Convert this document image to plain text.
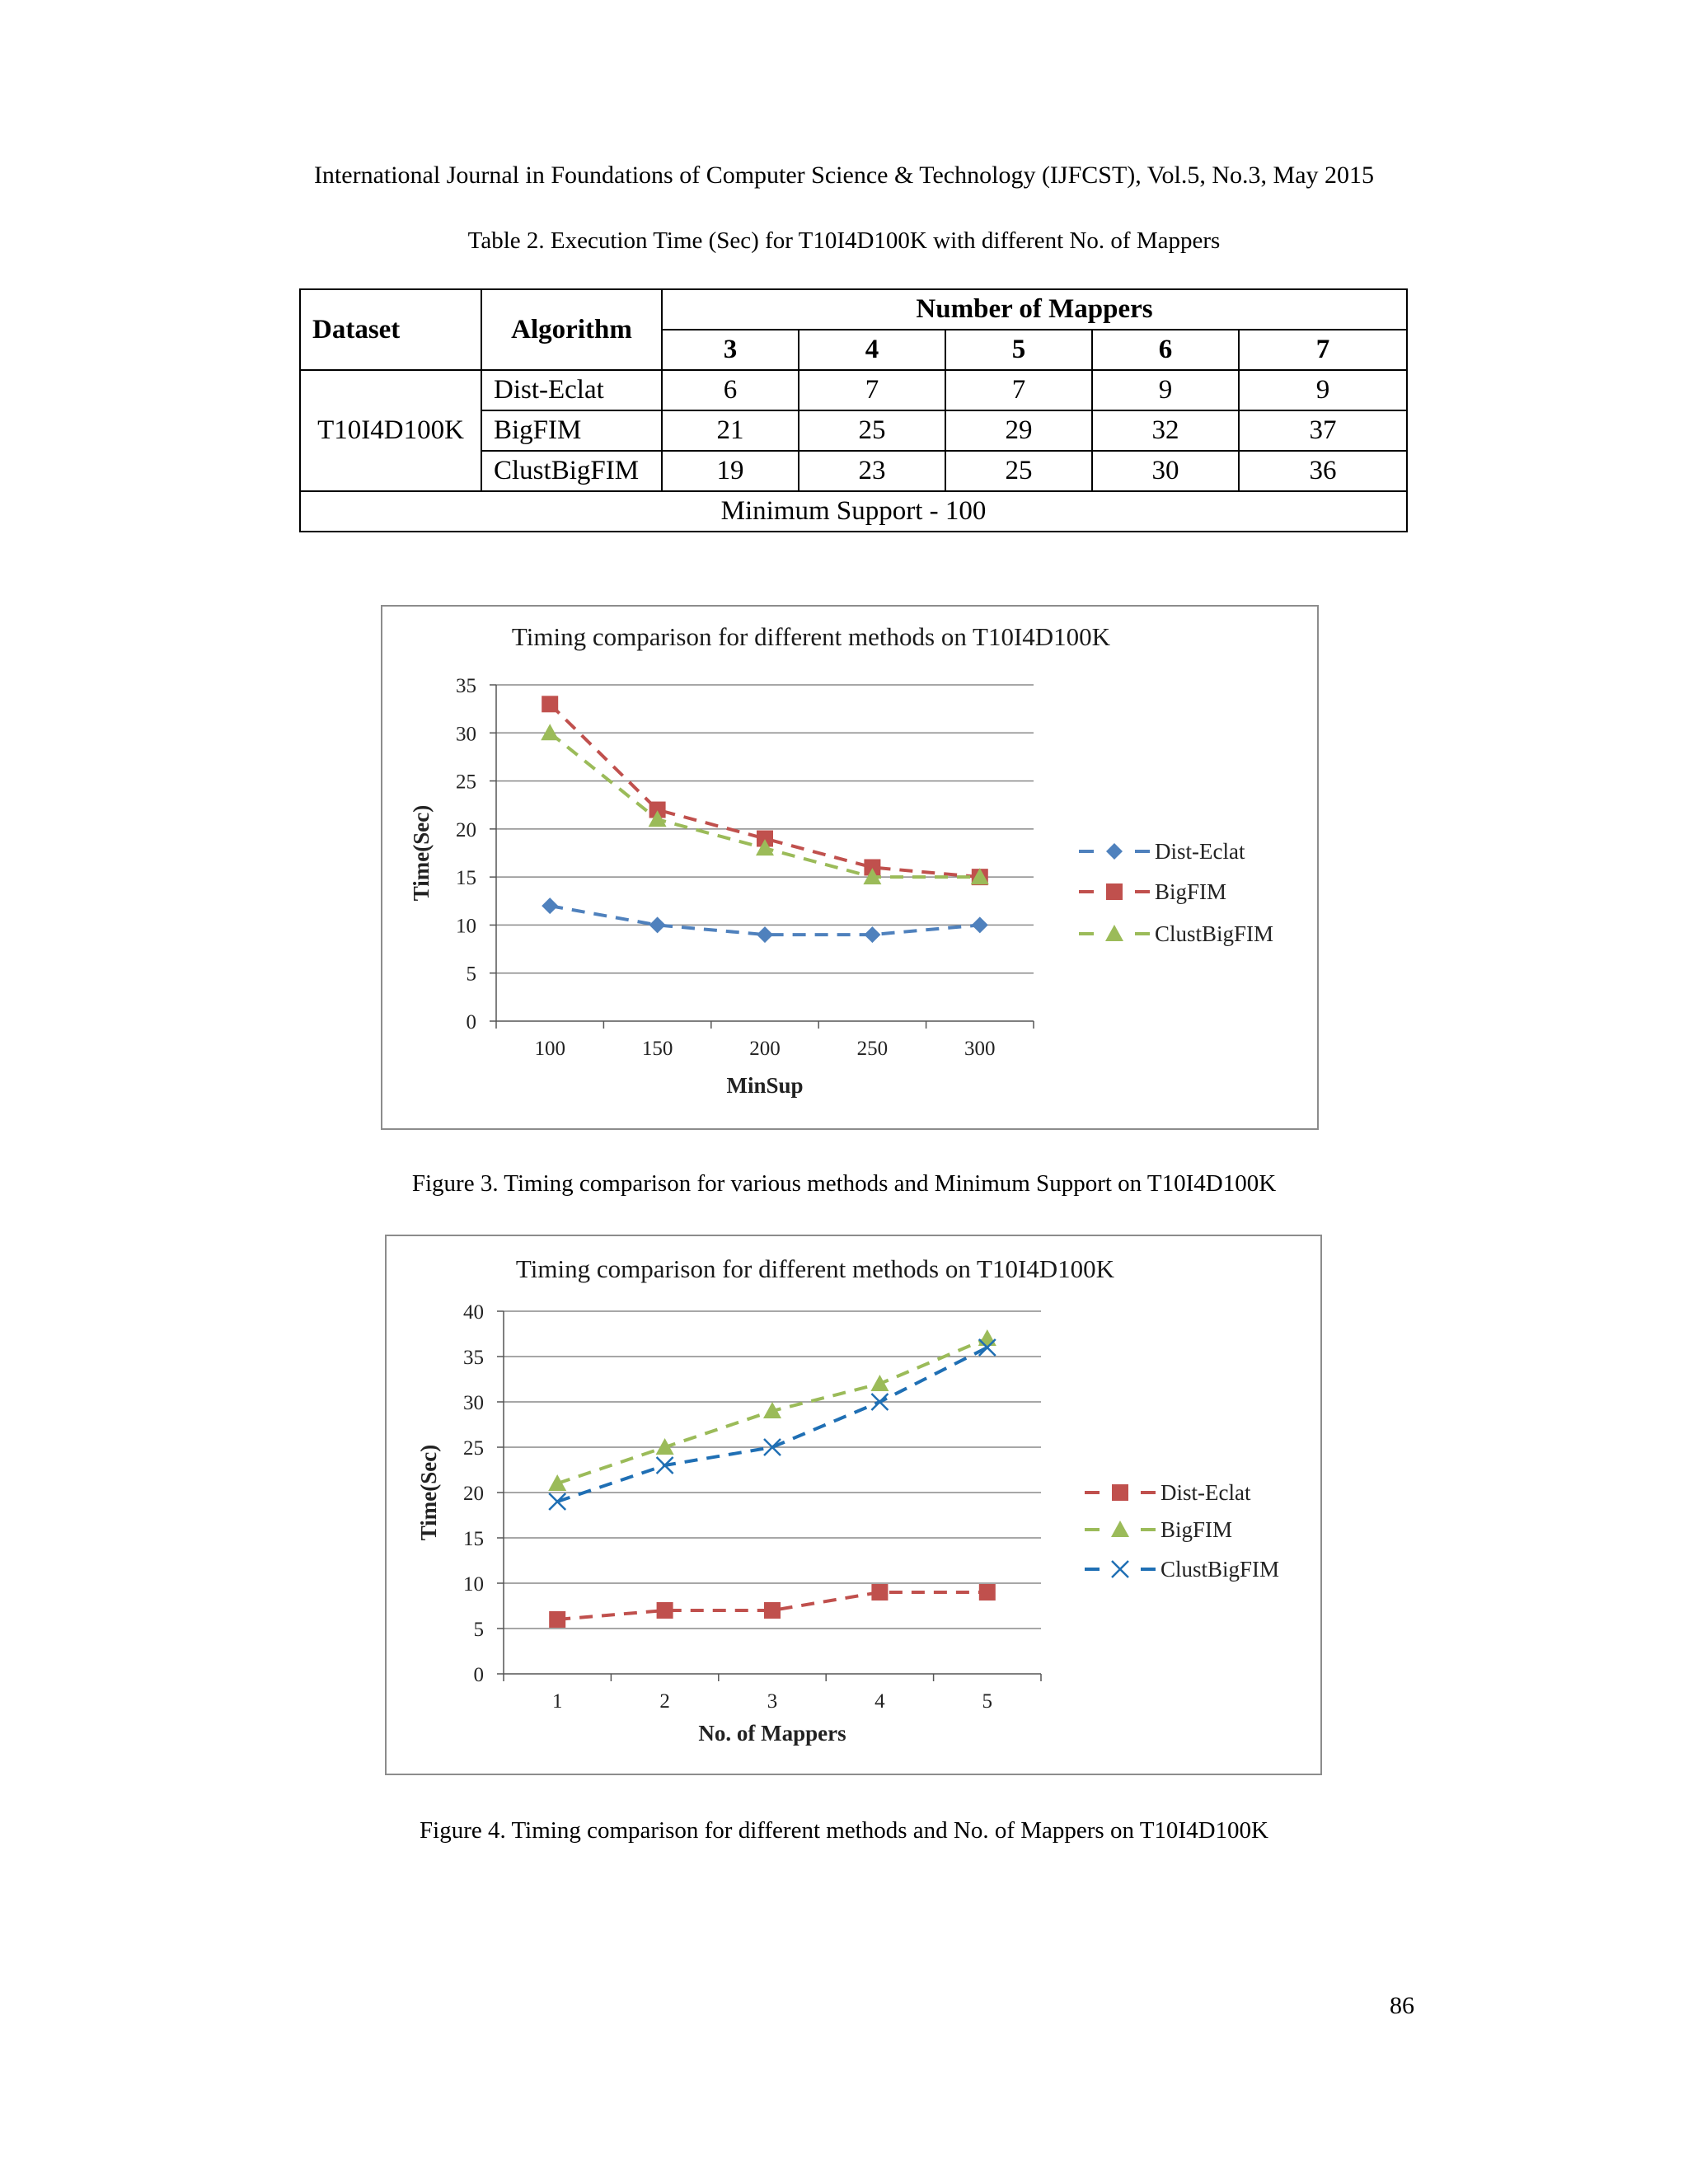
International Journal in Foundations of Computer Science & Technology (IJFCST), Vol.5, No.3, May 2015
Table 2. Execution Time (Sec) for T10I4D100K with different No. of Mappers
Dataset	Algorithm	Number of Mappers				
		3	4	5	6	7
T10I4D100K	Dist-Eclat	6	7	7	9	9
	BigFIM	21	25	29	32	37
	ClustBigFIM	19	23	25	30	36
Minimum Support - 100						
Timing comparison for different methods on T10I4D100K
0
5
10
15
20
25
30
35
100	150	200	250	300
MinSup
Time(Sec)	Dist-Eclat
BigFIM
ClustBigFIM
Figure 3. Timing comparison for various methods and Minimum Support on T10I4D100K
Timing comparison for different methods on T10I4D100K
0
5
10
15
20
25
30
35
40
1	2	3	4	5
No. of Mappers
Time(Sec)	Dist-Eclat
BigFIM
ClustBigFIM
Figure 4. Timing comparison for different methods and No. of Mappers on T10I4D100K
86
